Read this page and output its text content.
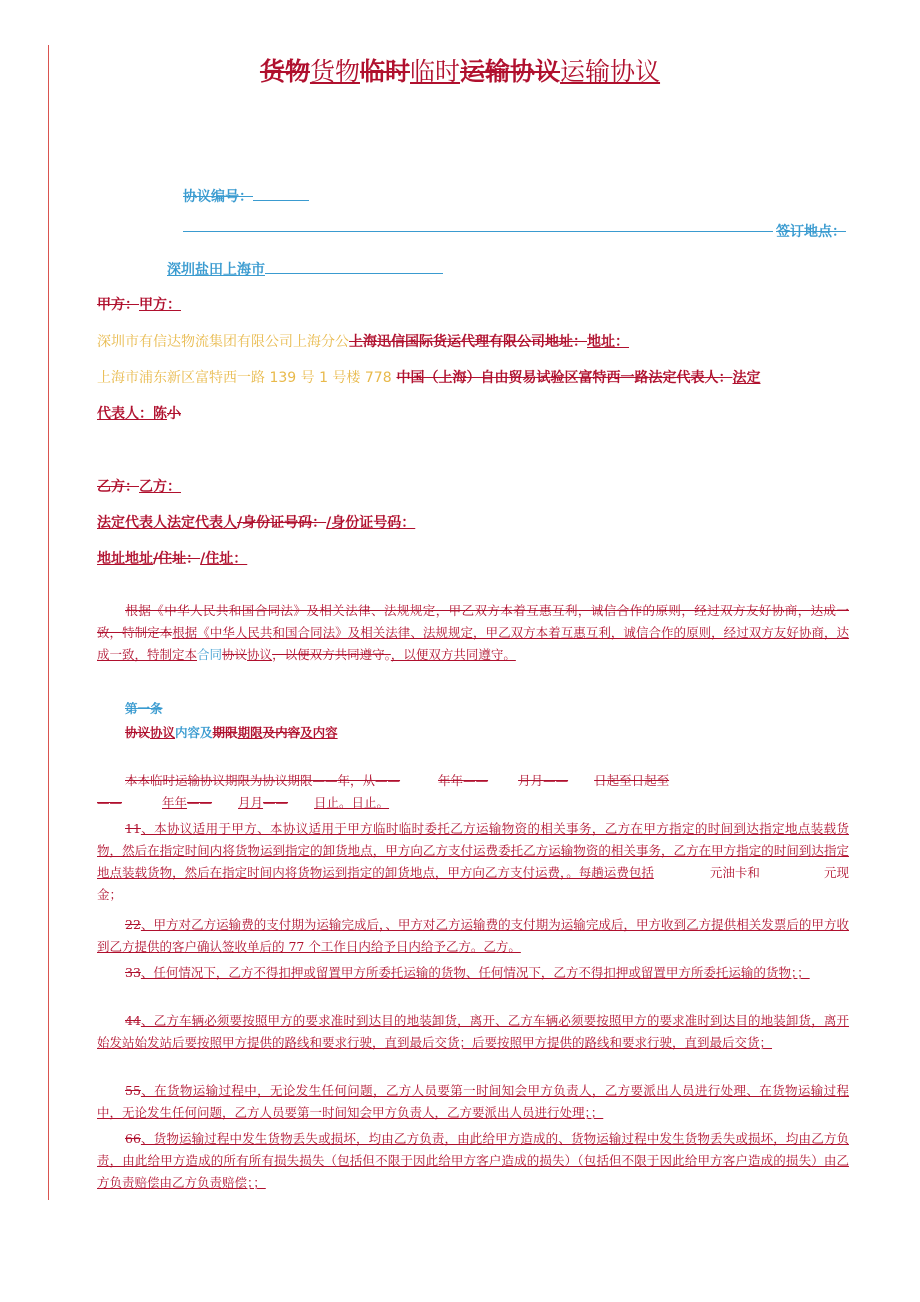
货物货物临时临时运输协议运输协议
协议编号：
签订地点：
深圳盐田上海市
甲方：甲方：
深圳市有信达物流集团有限公司上海分公上海迅信国际货运代理有限公司地址：地址：
上海市浦东新区富特西一路 139 号 1 号楼 778 中国（上海）自由贸易试验区富特西一路法定代表人：法定
代表人：陈小
乙方：乙方：
法定代表人法定代表人/身份证号码：/身份证号码：
地址地址/住址：/住址：
根据《中华人民共和国合同法》及相关法律、法规规定，甲乙双方本着互惠互利，诚信合作的原则，经过双方友好协商，达成一致，特制定本根据《中华人民共和国合同法》及相关法律、法规规定，甲乙双方本着互惠互利，诚信合作的原则，经过双方友好协商，达成一致，特制定本合同协议协议，以便双方共同遵守。，以便双方共同遵守。
第一条
协议协议内容及期限期限及内容及内容
本本临时运输协议期限为协议期限——年，从——	年年—— 月月—— 日起至日起至
——	年年—— 月月—— 日止。日止。
11、本协议适用于甲方、本协议适用于甲方临时临时委托乙方运输物资的相关事务，乙方在甲方指定的时间到达指定地点装载货物，然后在指定时间内将货物运到指定的卸货地点，甲方向乙方支付运费委托乙方运输物资的相关事务，乙方在甲方指定的时间到达指定地点装载货物，然后在指定时间内将货物运到指定的卸货地点，甲方向乙方支付运费，。每趟运费包括	元油卡和	元现金；
22、甲方对乙方运输费的支付期为运输完成后，、甲方对乙方运输费的支付期为运输完成后，甲方收到乙方提供相关发票后的甲方收到乙方提供的客户确认签收单后的 77 个工作日内给予日内给予乙方。乙方。
33、任何情况下，乙方不得扣押或留置甲方所委托运输的货物、任何情况下，乙方不得扣押或留置甲方所委托运输的货物；；
44、乙方车辆必须要按照甲方的要求准时到达目的地装卸货，离开、乙方车辆必须要按照甲方的要求准时到达目的地装卸货，离开始发站始发站后要按照甲方提供的路线和要求行驶，直到最后交货；后要按照甲方提供的路线和要求行驶，直到最后交货；
55、在货物运输过程中，无论发生任何问题，乙方人员要第一时间知会甲方负责人，乙方要派出人员进行处理、在货物运输过程中，无论发生任何问题，乙方人员要第一时间知会甲方负责人，乙方要派出人员进行处理；；
66、货物运输过程中发生货物丢失或损坏，均由乙方负责，由此给甲方造成的、货物运输过程中发生货物丢失或损坏，均由乙方负责，由此给甲方造成的所有所有损失损失（包括但不限于因此给甲方客户造成的损失）（包括但不限于因此给甲方客户造成的损失）由乙方负责赔偿由乙方负责赔偿；；
